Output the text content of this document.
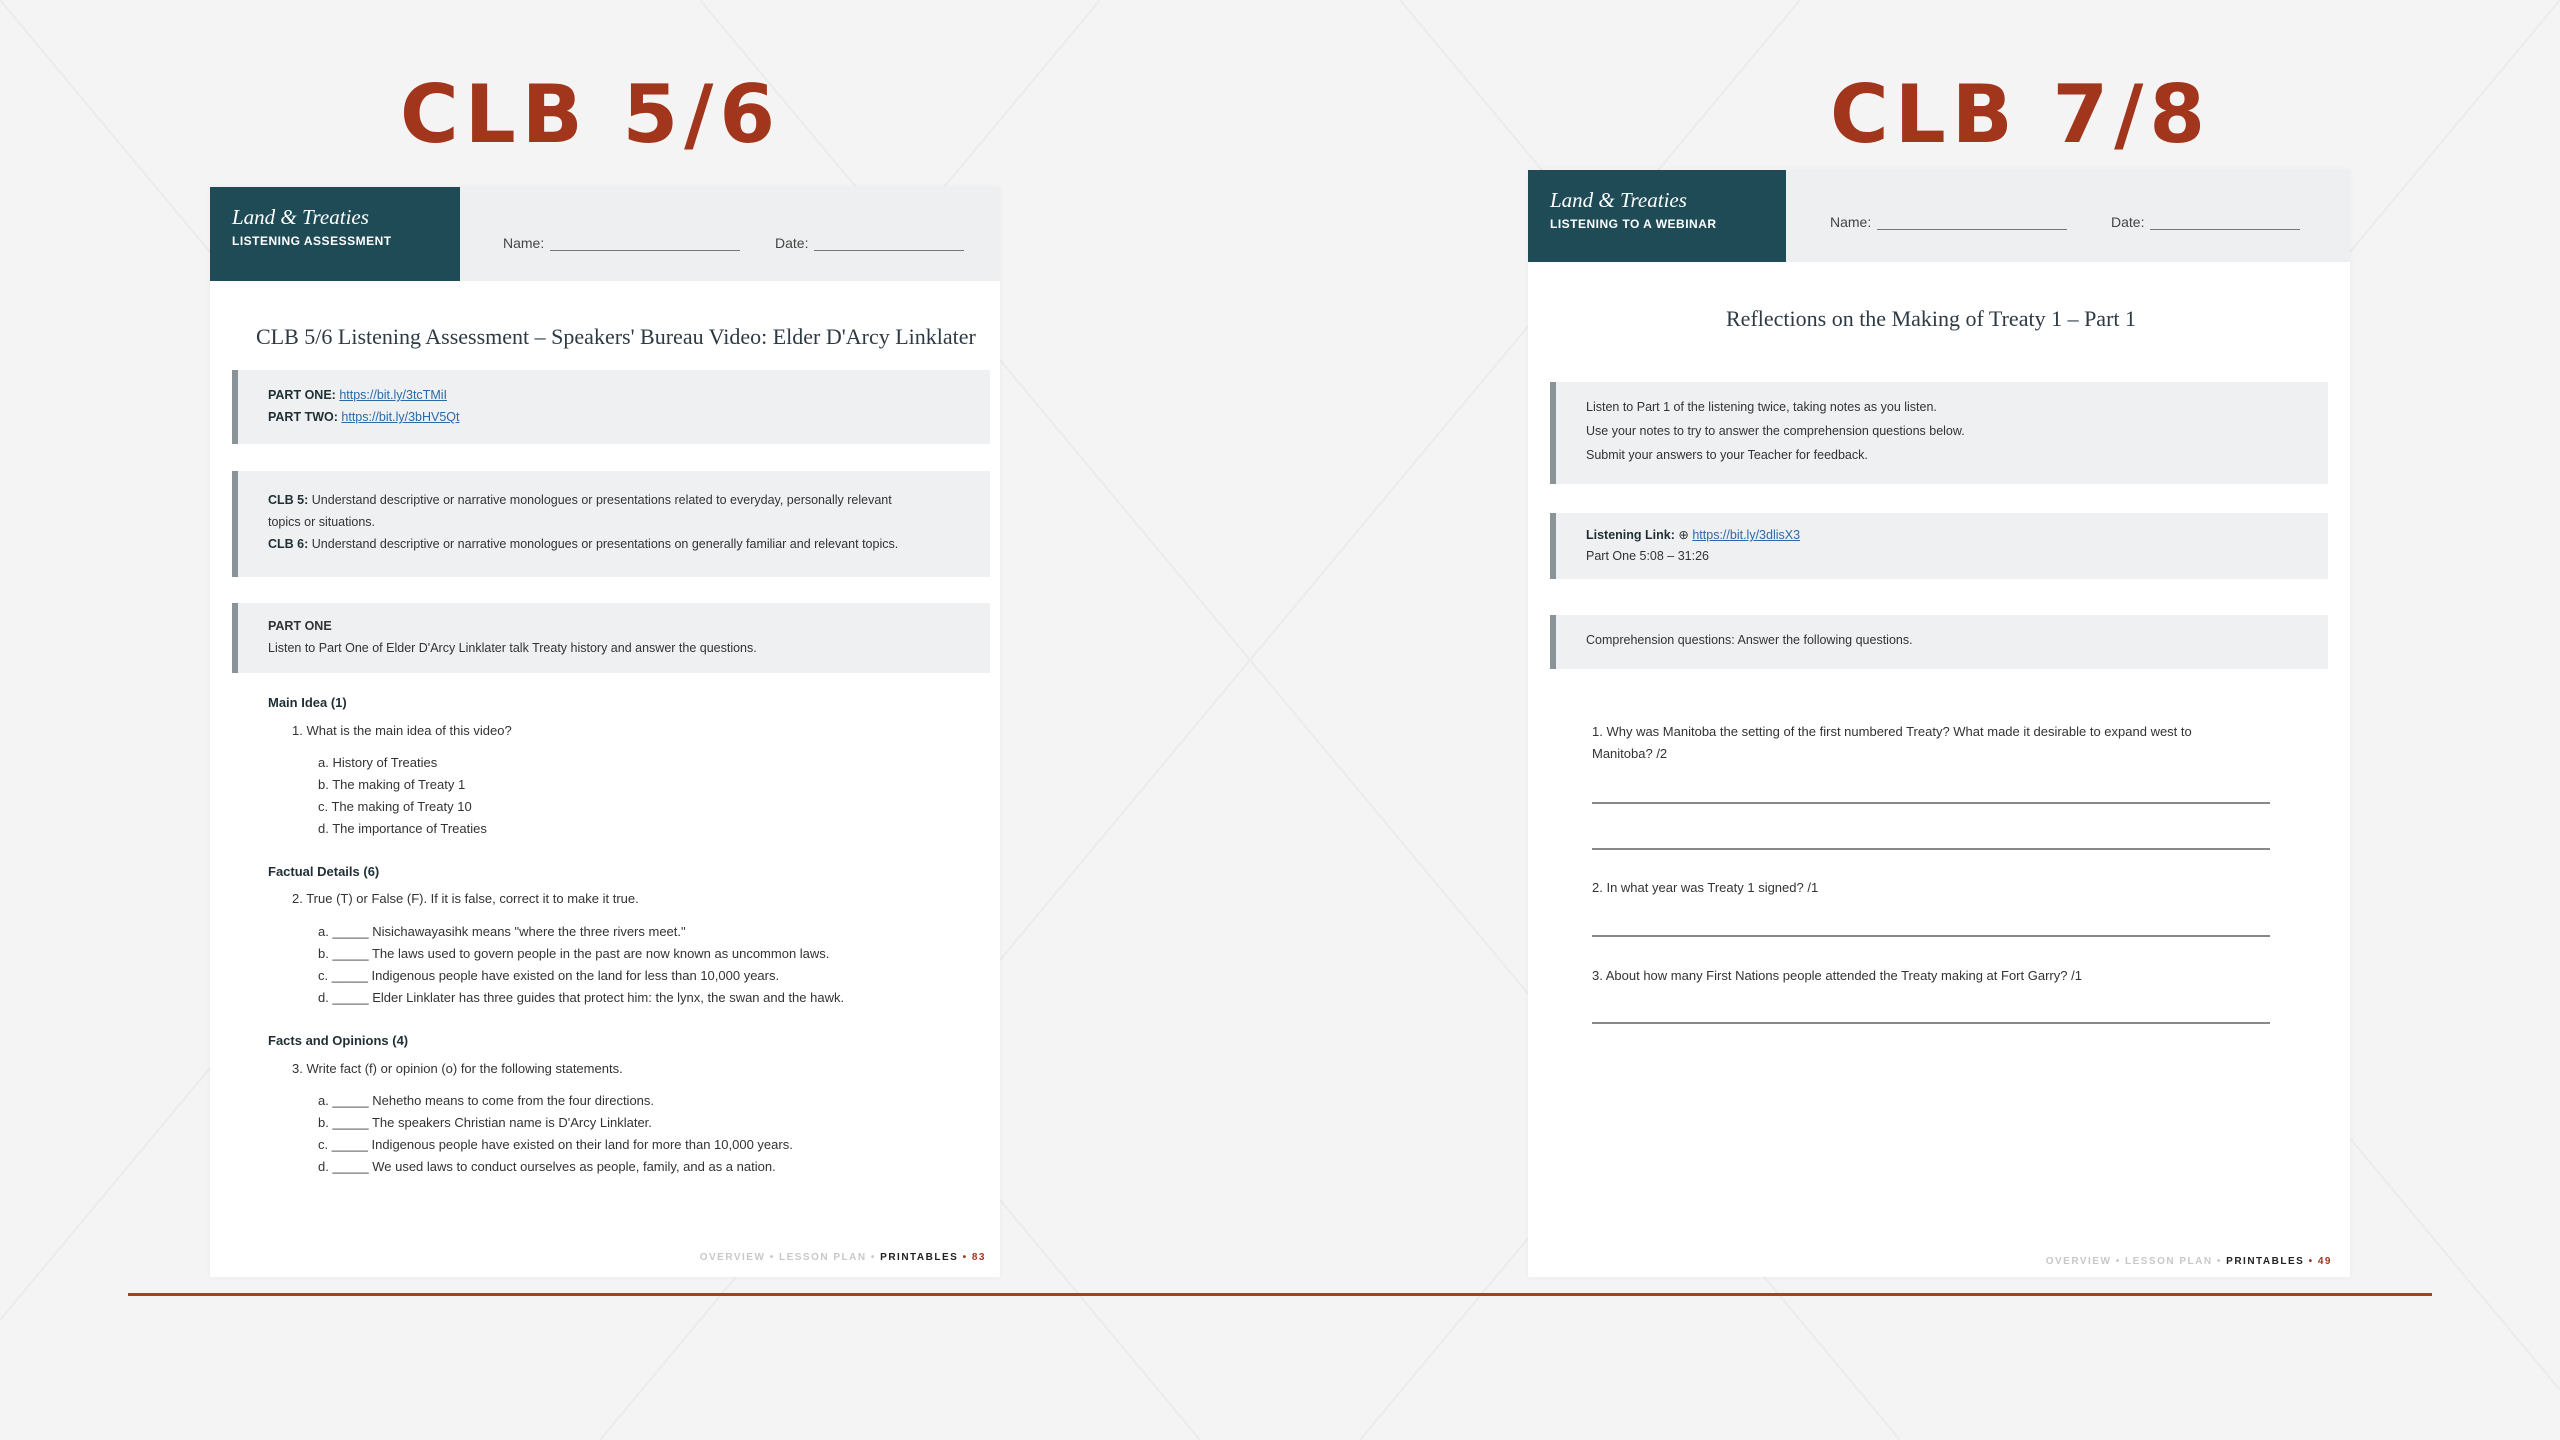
CLB 5/6	CLB 7/8
Land & Treaties
LISTENING ASSESSMENT	Name:	Date:
CLB 5/6 Listening Assessment – Speakers' Bureau Video: Elder D'Arcy Linklater
PART ONE: https://bit.ly/3tcTMiI
PART TWO: https://bit.ly/3bHV5Qt
CLB 5: Understand descriptive or narrative monologues or presentations related to everyday, personally relevant
topics or situations.
CLB 6: Understand descriptive or narrative monologues or presentations on generally familiar and relevant topics.
PART ONE
Listen to Part One of Elder D'Arcy Linklater talk Treaty history and answer the questions.
Main Idea (1)
1. What is the main idea of this video?
a. History of Treaties
b. The making of Treaty 1
c. The making of Treaty 10
d. The importance of Treaties
Factual Details (6)
2. True (T) or False (F). If it is false, correct it to make it true.
a. _____ Nisichawayasihk means "where the three rivers meet."
b. _____ The laws used to govern people in the past are now known as uncommon laws.
c. _____ Indigenous people have existed on the land for less than 10,000 years.
d. _____ Elder Linklater has three guides that protect him: the lynx, the swan and the hawk.
Facts and Opinions (4)
3. Write fact (f) or opinion (o) for the following statements.
a. _____ Nehetho means to come from the four directions.
b. _____ The speakers Christian name is D'Arcy Linklater.
c. _____ Indigenous people have existed on their land for more than 10,000 years.
d. _____ We used laws to conduct ourselves as people, family, and as a nation.
OVERVIEW • LESSON PLAN • PRINTABLES • 83
Land & Treaties
LISTENING TO A WEBINAR	Name:	Date:
Reflections on the Making of Treaty 1 – Part 1
Listen to Part 1 of the listening twice, taking notes as you listen.
Use your notes to try to answer the comprehension questions below.
Submit your answers to your Teacher for feedback.
Listening Link: ⊕ https://bit.ly/3dlisX3
Part One 5:08 – 31:26
Comprehension questions: Answer the following questions.
1. Why was Manitoba the setting of the first numbered Treaty? What made it desirable to expand west to
Manitoba? /2
2. In what year was Treaty 1 signed? /1
3. About how many First Nations people attended the Treaty making at Fort Garry? /1
OVERVIEW • LESSON PLAN • PRINTABLES • 49
